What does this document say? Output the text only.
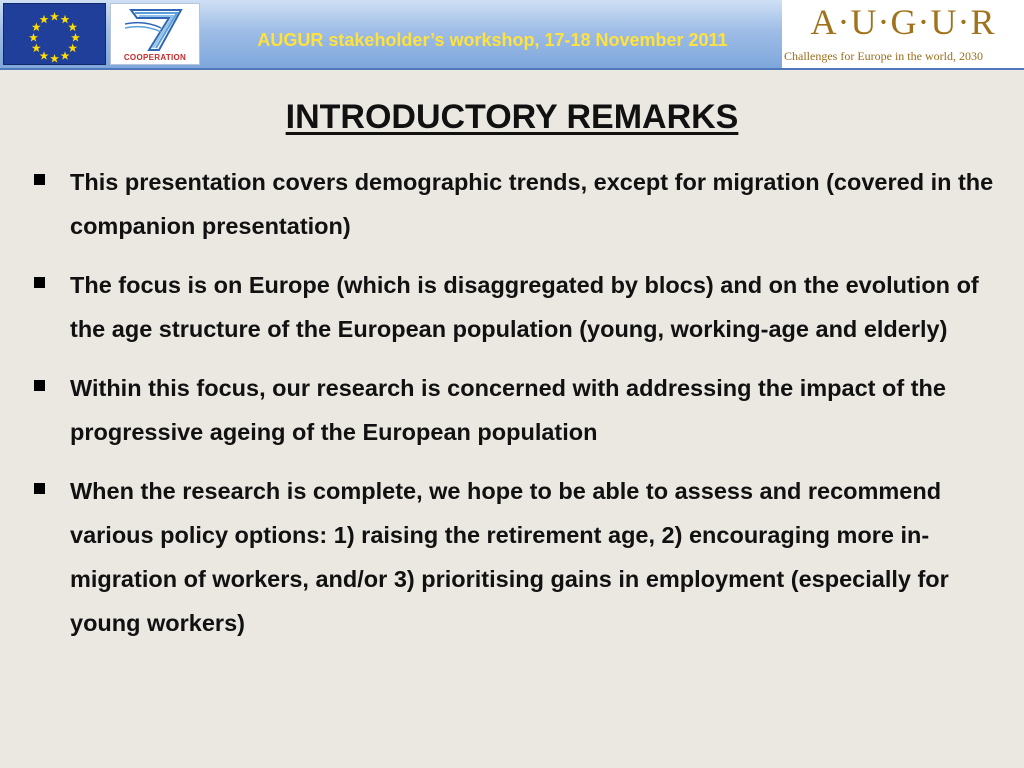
COOPERATION
AUGUR stakeholder’s workshop, 17-18 November 2011	A·U·G·U·R
Challenges for Europe in the world, 2030
INTRODUCTORY REMARKS
This presentation covers demographic trends, except for migration (covered in the companion presentation)
The focus is on Europe (which is disaggregated by blocs) and on the evolution of the age structure of the European population (young, working-age and elderly)
Within this focus, our research is concerned with addressing the impact of the progressive ageing of the European population
When the research is complete, we hope to be able to assess and recommend various policy options: 1) raising the retirement age, 2) encouraging more in-migration of workers, and/or 3) prioritising gains in employment (especially for young workers)
